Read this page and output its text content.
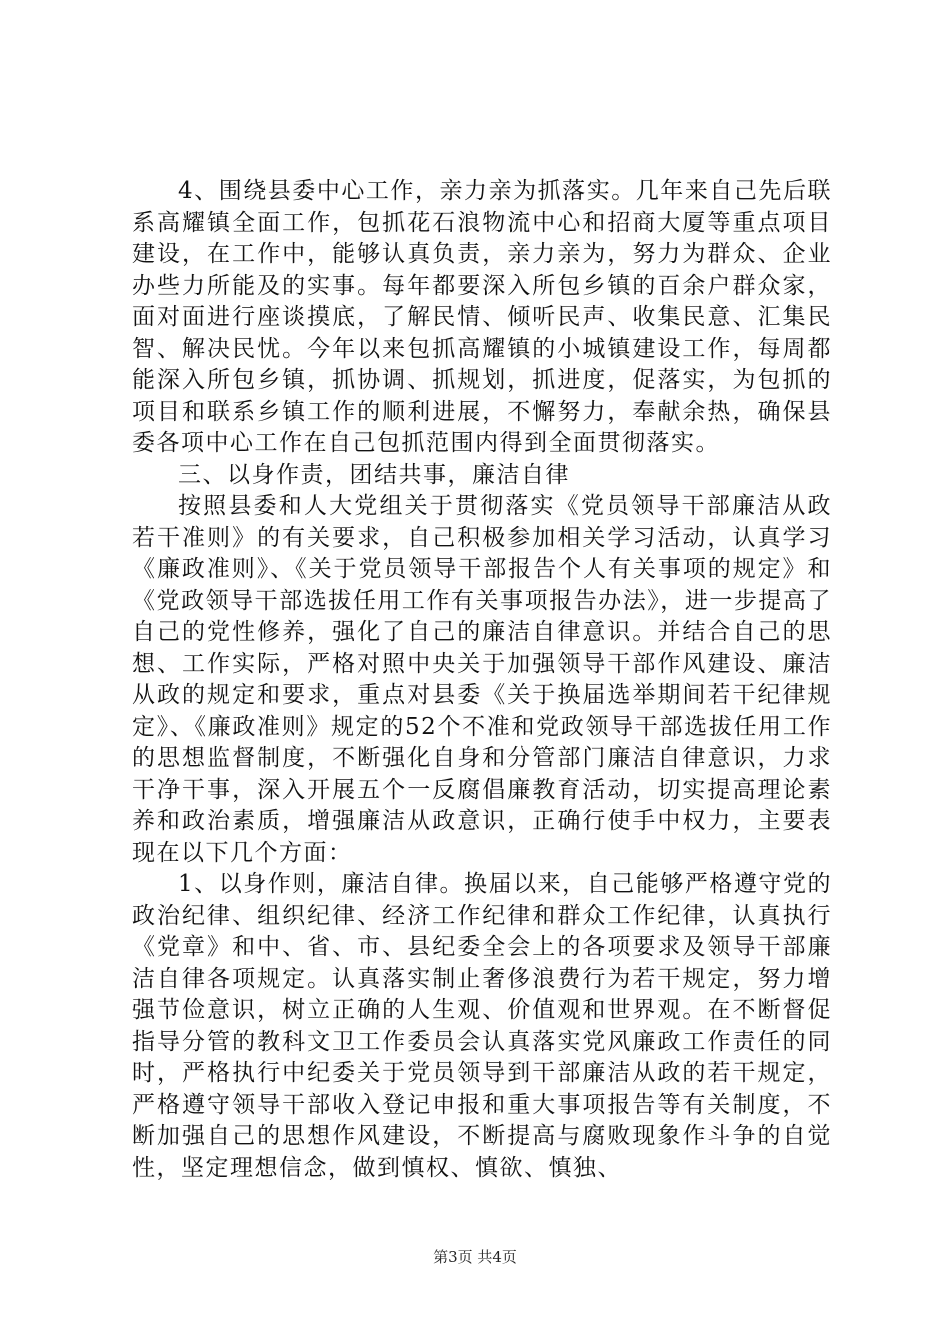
4、围绕县委中心工作，亲力亲为抓落实。几年来自己先后联系高耀镇全面工作，包抓花石浪物流中心和招商大厦等重点项目建设，在工作中，能够认真负责，亲力亲为，努力为群众、企业办些力所能及的实事。每年都要深入所包乡镇的百余户群众家，面对面进行座谈摸底，了解民情、倾听民声、收集民意、汇集民智、解决民忧。今年以来包抓高耀镇的小城镇建设工作，每周都能深入所包乡镇，抓协调、抓规划，抓进度，促落实，为包抓的项目和联系乡镇工作的顺利进展，不懈努力，奉献余热，确保县委各项中心工作在自己包抓范围内得到全面贯彻落实。

三、以身作责，团结共事，廉洁自律

按照县委和人大党组关于贯彻落实《党员领导干部廉洁从政若干准则》的有关要求，自己积极参加相关学习活动，认真学习《廉政准则》、《关于党员领导干部报告个人有关事项的规定》和《党政领导干部选拔任用工作有关事项报告办法》，进一步提高了自己的党性修养，强化了自己的廉洁自律意识。并结合自己的思想、工作实际，严格对照中央关于加强领导干部作风建设、廉洁从政的规定和要求，重点对县委《关于换届选举期间若干纪律规定》、《廉政准则》规定的52个不准和党政领导干部选拔任用工作的思想监督制度，不断强化自身和分管部门廉洁自律意识，力求干净干事，深入开展五个一反腐倡廉教育活动，切实提高理论素养和政治素质，增强廉洁从政意识，正确行使手中权力，主要表现在以下几个方面：

1、以身作则，廉洁自律。换届以来，自己能够严格遵守党的政治纪律、组织纪律、经济工作纪律和群众工作纪律，认真执行《党章》和中、省、市、县纪委全会上的各项要求及领导干部廉洁自律各项规定。认真落实制止奢侈浪费行为若干规定，努力增强节俭意识，树立正确的人生观、价值观和世界观。在不断督促指导分管的教科文卫工作委员会认真落实党风廉政工作责任的同时，严格执行中纪委关于党员领导到干部廉洁从政的若干规定，严格遵守领导干部收入登记申报和重大事项报告等有关制度，不断加强自己的思想作风建设，不断提高与腐败现象作斗争的自觉性，坚定理想信念，做到慎权、慎欲、慎独、

第3页 共4页
